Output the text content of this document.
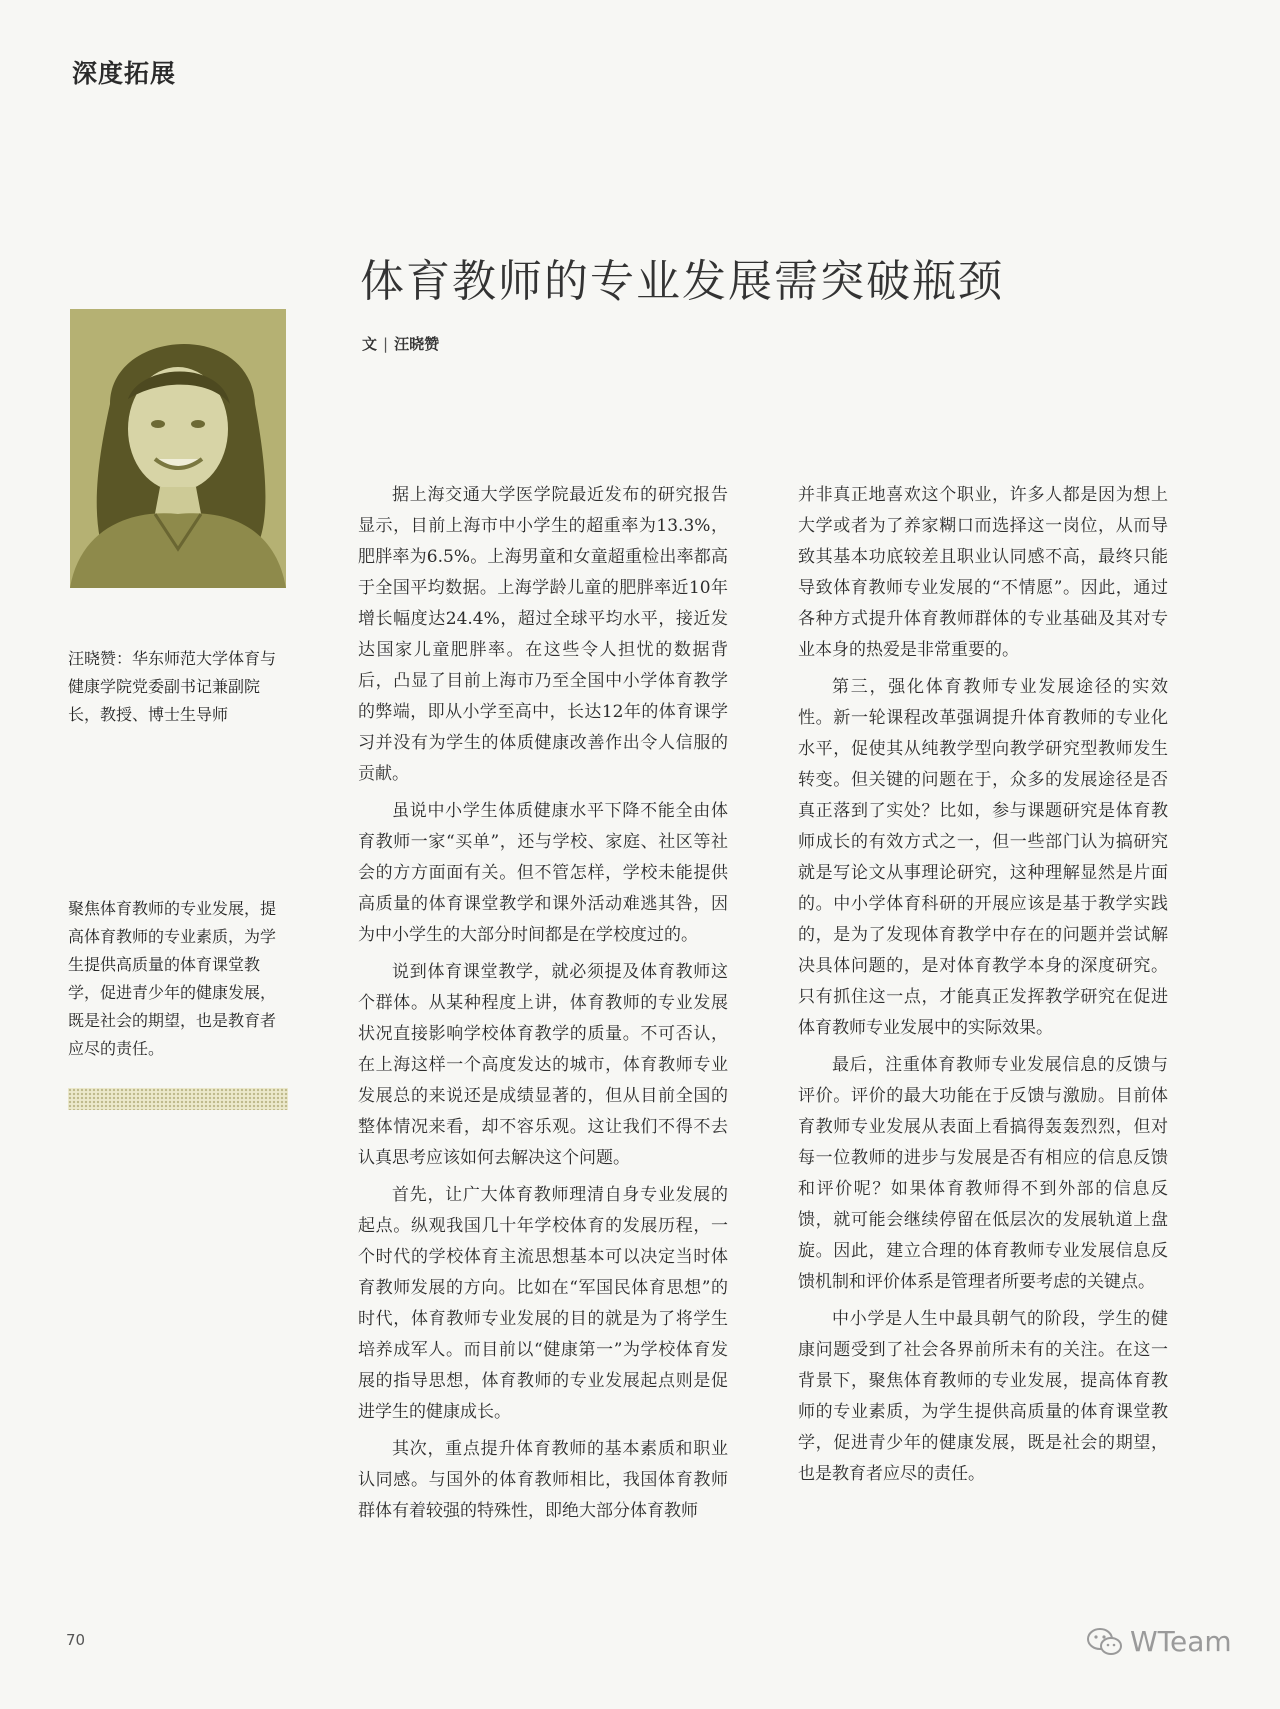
深度拓展
体育教师的专业发展需突破瓶颈
文 | 汪晓赞
汪晓赞：华东师范大学体育与健康学院党委副书记兼副院长，教授、博士生导师
聚焦体育教师的专业发展，提高体育教师的专业素质，为学生提供高质量的体育课堂教学，促进青少年的健康发展，既是社会的期望，也是教育者应尽的责任。

据上海交通大学医学院最近发布的研究报告显示，目前上海市中小学生的超重率为13.3%，肥胖率为6.5%。上海男童和女童超重检出率都高于全国平均数据。上海学龄儿童的肥胖率近10年增长幅度达24.4%，超过全球平均水平，接近发达国家儿童肥胖率。在这些令人担忧的数据背后，凸显了目前上海市乃至全国中小学体育教学的弊端，即从小学至高中，长达12年的体育课学习并没有为学生的体质健康改善作出令人信服的贡献。

虽说中小学生体质健康水平下降不能全由体育教师一家“买单”，还与学校、家庭、社区等社会的方方面面有关。但不管怎样，学校未能提供高质量的体育课堂教学和课外活动难逃其咎，因为中小学生的大部分时间都是在学校度过的。

说到体育课堂教学，就必须提及体育教师这个群体。从某种程度上讲，体育教师的专业发展状况直接影响学校体育教学的质量。不可否认，在上海这样一个高度发达的城市，体育教师专业发展总的来说还是成绩显著的，但从目前全国的整体情况来看，却不容乐观。这让我们不得不去认真思考应该如何去解决这个问题。

首先，让广大体育教师理清自身专业发展的起点。纵观我国几十年学校体育的发展历程，一个时代的学校体育主流思想基本可以决定当时体育教师发展的方向。比如在“军国民体育思想”的时代，体育教师专业发展的目的就是为了将学生培养成军人。而目前以“健康第一”为学校体育发展的指导思想，体育教师的专业发展起点则是促进学生的健康成长。

其次，重点提升体育教师的基本素质和职业认同感。与国外的体育教师相比，我国体育教师群体有着较强的特殊性，即绝大部分体育教师

并非真正地喜欢这个职业，许多人都是因为想上大学或者为了养家糊口而选择这一岗位，从而导致其基本功底较差且职业认同感不高，最终只能导致体育教师专业发展的“不情愿”。因此，通过各种方式提升体育教师群体的专业基础及其对专业本身的热爱是非常重要的。

第三，强化体育教师专业发展途径的实效性。新一轮课程改革强调提升体育教师的专业化水平，促使其从纯教学型向教学研究型教师发生转变。但关键的问题在于，众多的发展途径是否真正落到了实处？比如，参与课题研究是体育教师成长的有效方式之一，但一些部门认为搞研究就是写论文从事理论研究，这种理解显然是片面的。中小学体育科研的开展应该是基于教学实践的，是为了发现体育教学中存在的问题并尝试解决具体问题的，是对体育教学本身的深度研究。只有抓住这一点，才能真正发挥教学研究在促进体育教师专业发展中的实际效果。

最后，注重体育教师专业发展信息的反馈与评价。评价的最大功能在于反馈与激励。目前体育教师专业发展从表面上看搞得轰轰烈烈，但对每一位教师的进步与发展是否有相应的信息反馈和评价呢？如果体育教师得不到外部的信息反馈，就可能会继续停留在低层次的发展轨道上盘旋。因此，建立合理的体育教师专业发展信息反馈机制和评价体系是管理者所要考虑的关键点。

中小学是人生中最具朝气的阶段，学生的健康问题受到了社会各界前所未有的关注。在这一背景下，聚焦体育教师的专业发展，提高体育教师的专业素质，为学生提供高质量的体育课堂教学，促进青少年的健康发展，既是社会的期望，也是教育者应尽的责任。

70	WTeam
